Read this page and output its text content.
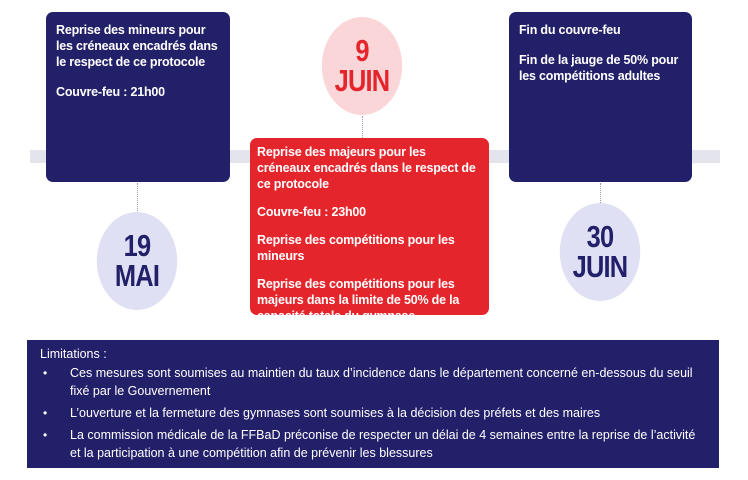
Reprise des mineurs pour les créneaux encadrés dans le respect de ce protocole

Couvre-feu : 21h00

Fin du couvre-feu

Fin de la jauge de 50% pour les compétitions adultes

Reprise des majeurs pour les créneaux encadrés dans le respect de ce protocole

Couvre-feu : 23h00

Reprise des compétitions pour les mineurs

Reprise des compétitions pour les majeurs dans la limite de 50% de la capacité totale du gymnase

19
MAI
9
JUIN
30
JUIN
Limitations :
• Ces mesures sont soumises au maintien du taux d’incidence dans le département concerné en-dessous du seuil fixé par le Gouvernement
• L’ouverture et la fermeture des gymnases sont soumises à la décision des préfets et des maires
• La commission médicale de la FFBaD préconise de respecter un délai de 4 semaines entre la reprise de l’activité et la participation à une compétition afin de prévenir les blessures
